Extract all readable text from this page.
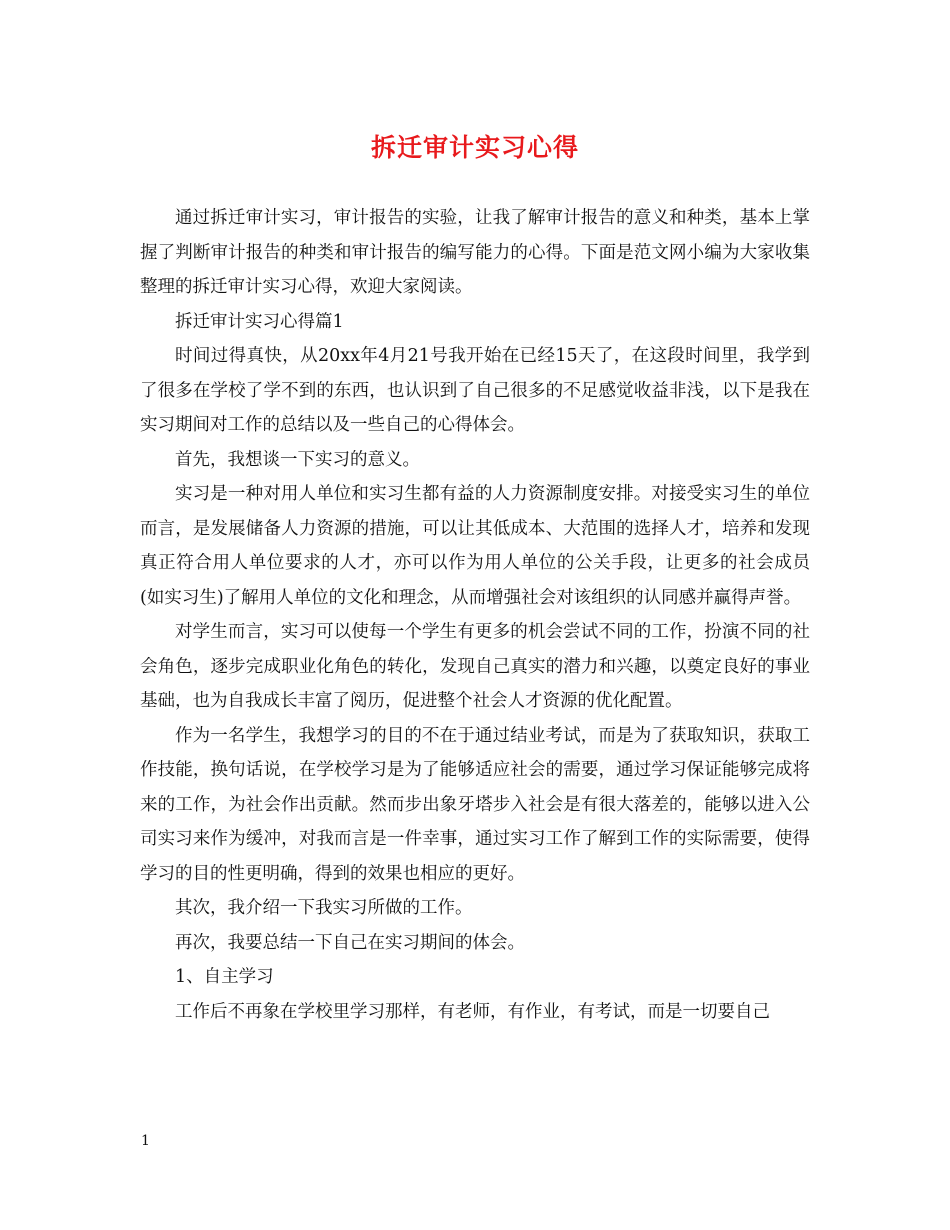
拆迁审计实习心得

通过拆迁审计实习，审计报告的实验，让我了解审计报告的意义和种类，基本上掌握了判断审计报告的种类和审计报告的编写能力的心得。下面是范文网小编为大家收集整理的拆迁审计实习心得，欢迎大家阅读。

拆迁审计实习心得篇1

时间过得真快，从20xx年4月21号我开始在已经15天了，在这段时间里，我学到了很多在学校了学不到的东西，也认识到了自己很多的不足感觉收益非浅，以下是我在实习期间对工作的总结以及一些自己的心得体会。

首先，我想谈一下实习的意义。

实习是一种对用人单位和实习生都有益的人力资源制度安排。对接受实习生的单位而言，是发展储备人力资源的措施，可以让其低成本、大范围的选择人才，培养和发现真正符合用人单位要求的人才，亦可以作为用人单位的公关手段，让更多的社会成员(如实习生)了解用人单位的文化和理念，从而增强社会对该组织的认同感并赢得声誉。

对学生而言，实习可以使每一个学生有更多的机会尝试不同的工作，扮演不同的社会角色，逐步完成职业化角色的转化，发现自己真实的潜力和兴趣，以奠定良好的事业基础，也为自我成长丰富了阅历，促进整个社会人才资源的优化配置。

作为一名学生，我想学习的目的不在于通过结业考试，而是为了获取知识，获取工作技能，换句话说，在学校学习是为了能够适应社会的需要，通过学习保证能够完成将来的工作，为社会作出贡献。然而步出象牙塔步入社会是有很大落差的，能够以进入公司实习来作为缓冲，对我而言是一件幸事，通过实习工作了解到工作的实际需要，使得学习的目的性更明确，得到的效果也相应的更好。

其次，我介绍一下我实习所做的工作。

再次，我要总结一下自己在实习期间的体会。

1、自主学习

工作后不再象在学校里学习那样，有老师，有作业，有考试，而是一切要自己

1
